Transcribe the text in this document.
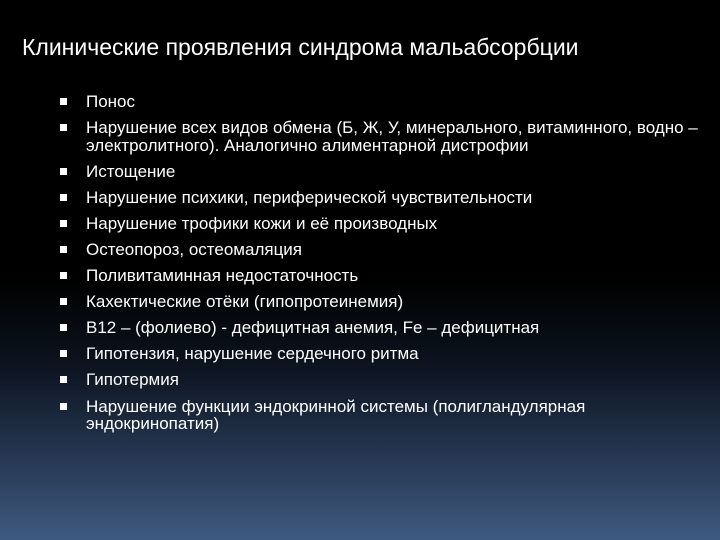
Клинические проявления синдрома мальабсорбции
Понос
Нарушение всех видов обмена (Б, Ж, У, минерального, витаминного, водно – электролитного). Аналогично алиментарной дистрофии
Истощение
Нарушение психики, периферической чувствительности
Нарушение трофики кожи и её производных
Остеопороз, остеомаляция
Поливитаминная недостаточность
Кахектические отёки (гипопротеинемия)
В12 – (фолиево) - дефицитная анемия, Fe – дефицитная
Гипотензия, нарушение сердечного ритма
Гипотермия
Нарушение функции эндокринной системы (полигландулярная эндокринопатия)
